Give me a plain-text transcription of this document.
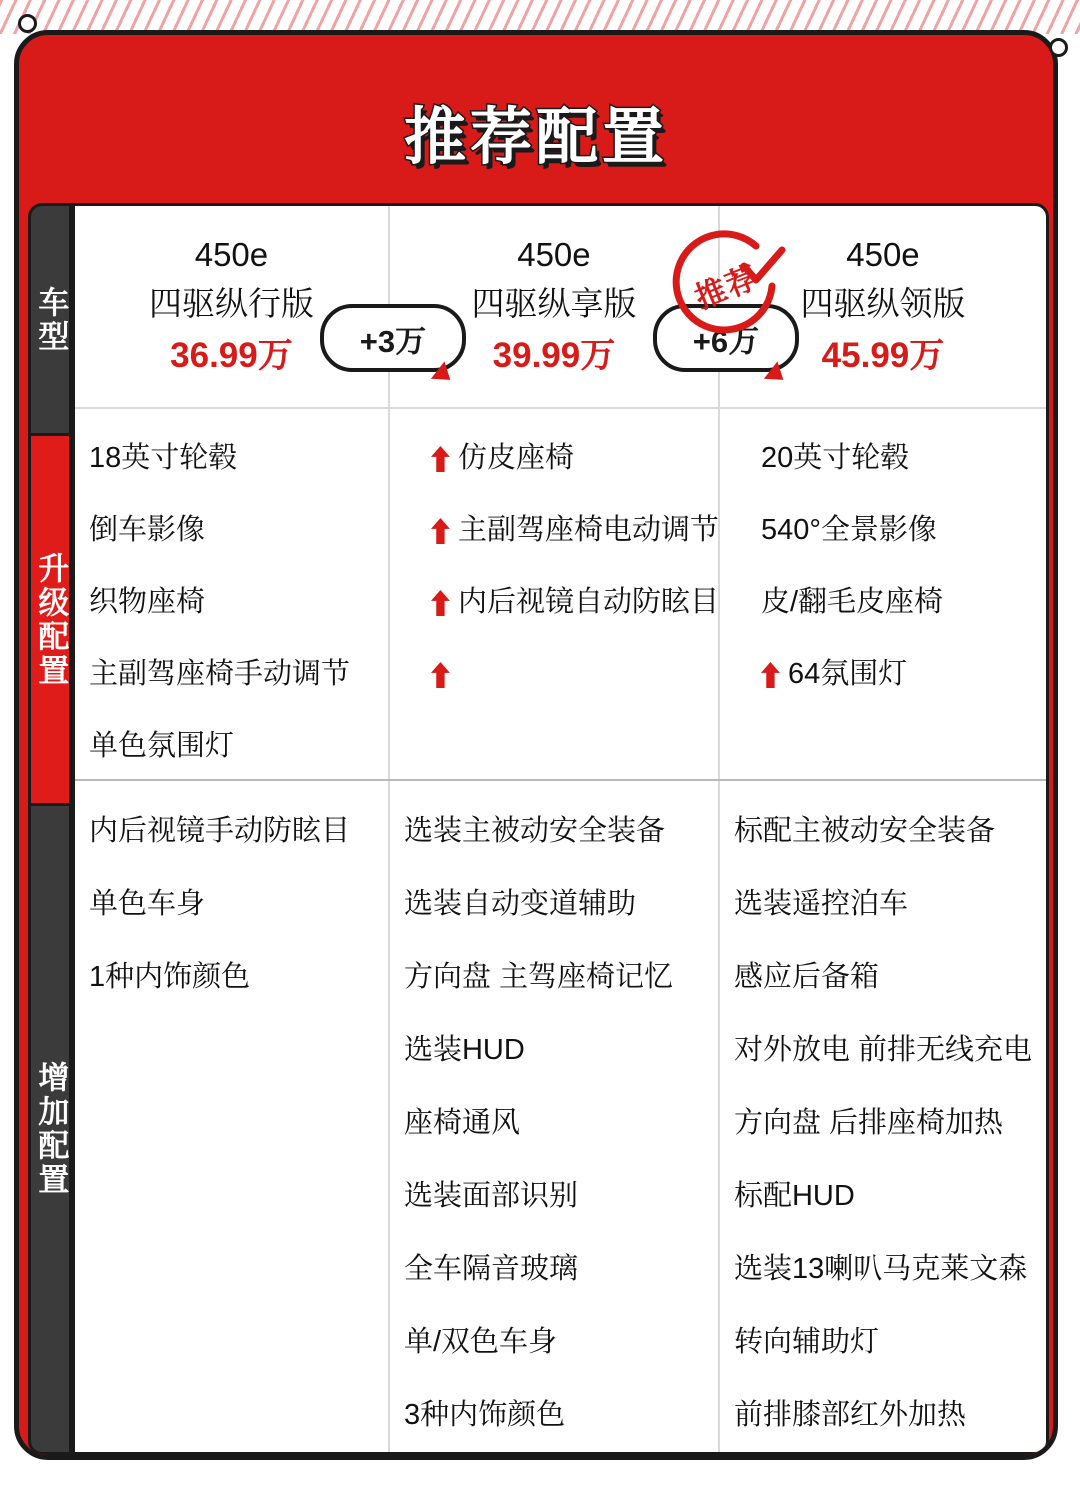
推荐配置
车型
升级配置
增加配置
450e
四驱纵行版
36.99万
450e
四驱纵享版
39.99万
450e
四驱纵领版
45.99万
+3万	+6万
18英寸轮毂
倒车影像
织物座椅
主副驾座椅手动调节
单色氛围灯
仿皮座椅
主副驾座椅电动调节
内后视镜自动防眩目
20英寸轮毂
540°全景影像
皮/翻毛皮座椅
64氛围灯
推荐
内后视镜手动防眩目
单色车身
1种内饰颜色
选装主被动安全装备
选装自动变道辅助
方向盘 主驾座椅记忆
选装HUD
座椅通风
选装面部识别
全车隔音玻璃
单/双色车身
3种内饰颜色
标配主被动安全装备
选装遥控泊车
感应后备箱
对外放电 前排无线充电
方向盘 后排座椅加热
标配HUD
选装13喇叭马克莱文森
转向辅助灯
前排膝部红外加热
